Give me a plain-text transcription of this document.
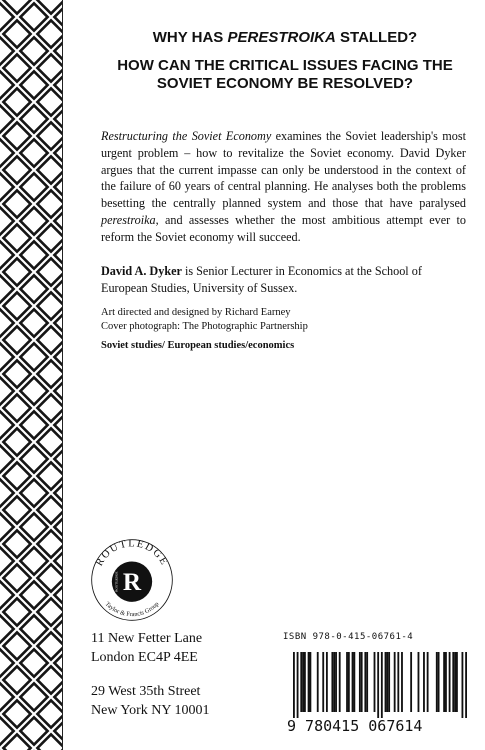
WHY HAS PERESTROIKA STALLED?
HOW CAN THE CRITICAL ISSUES FACING THE SOVIET ECONOMY BE RESOLVED?

Restructuring the Soviet Economy examines the Soviet leadership's most urgent problem – how to revitalize the Soviet economy. David Dyker argues that the current impasse can only be understood in the context of the failure of 60 years of central planning. He analyses both the problems besetting the centrally planned system and those that have paralysed perestroika, and assesses whether the most ambitious attempt ever to reform the Soviet economy will succeed.

David A. Dyker is Senior Lecturer in Economics at the School of European Studies, University of Sussex.
Art directed and designed by Richard Earney
Cover photograph: The Photographic Partnership
Soviet studies/ European studies/economics
ROUTLEDGE
Taylor & Francis Group
R
ROUTLEDGE
11 New Fetter Lane
London EC4P 4EE
29 West 35th Street
New York NY 10001
ISBN 978-0-415-06761-4
9 780415 067614
